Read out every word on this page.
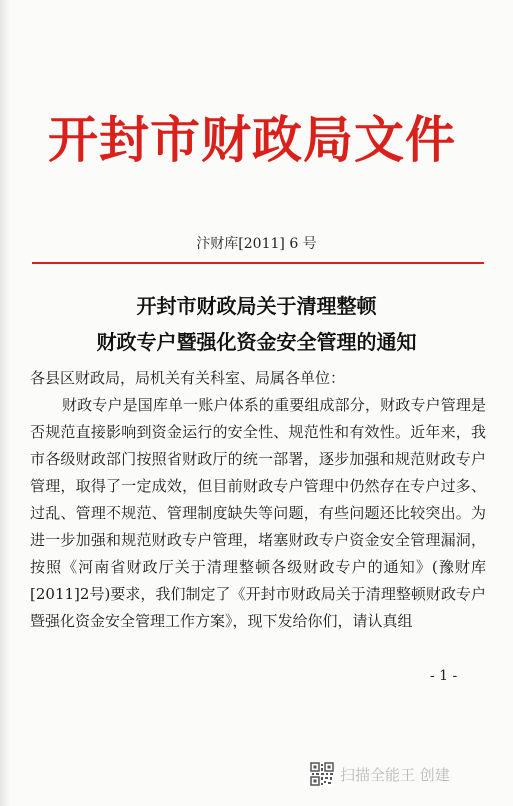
开封市财政局文件
汴财库[2011] 6 号
开封市财政局关于清理整顿
财政专户暨强化资金安全管理的通知
各县区财政局，局机关有关科室、局属各单位：
财政专户是国库单一账户体系的重要组成部分，财政专户管理是否规范直接影响到资金运行的安全性、规范性和有效性。近年来，我市各级财政部门按照省财政厅的统一部署，逐步加强和规范财政专户管理，取得了一定成效，但目前财政专户管理中仍然存在专户过多、过乱、管理不规范、管理制度缺失等问题，有些问题还比较突出。为进一步加强和规范财政专户管理，堵塞财政专户资金安全管理漏洞，按照《河南省财政厅关于清理整顿各级财政专户的通知》(豫财库[2011]2号)要求，我们制定了《开封市财政局关于清理整顿财政专户暨强化资金安全管理工作方案》，现下发给你们，请认真组
- 1 -
扫描全能王 创建
